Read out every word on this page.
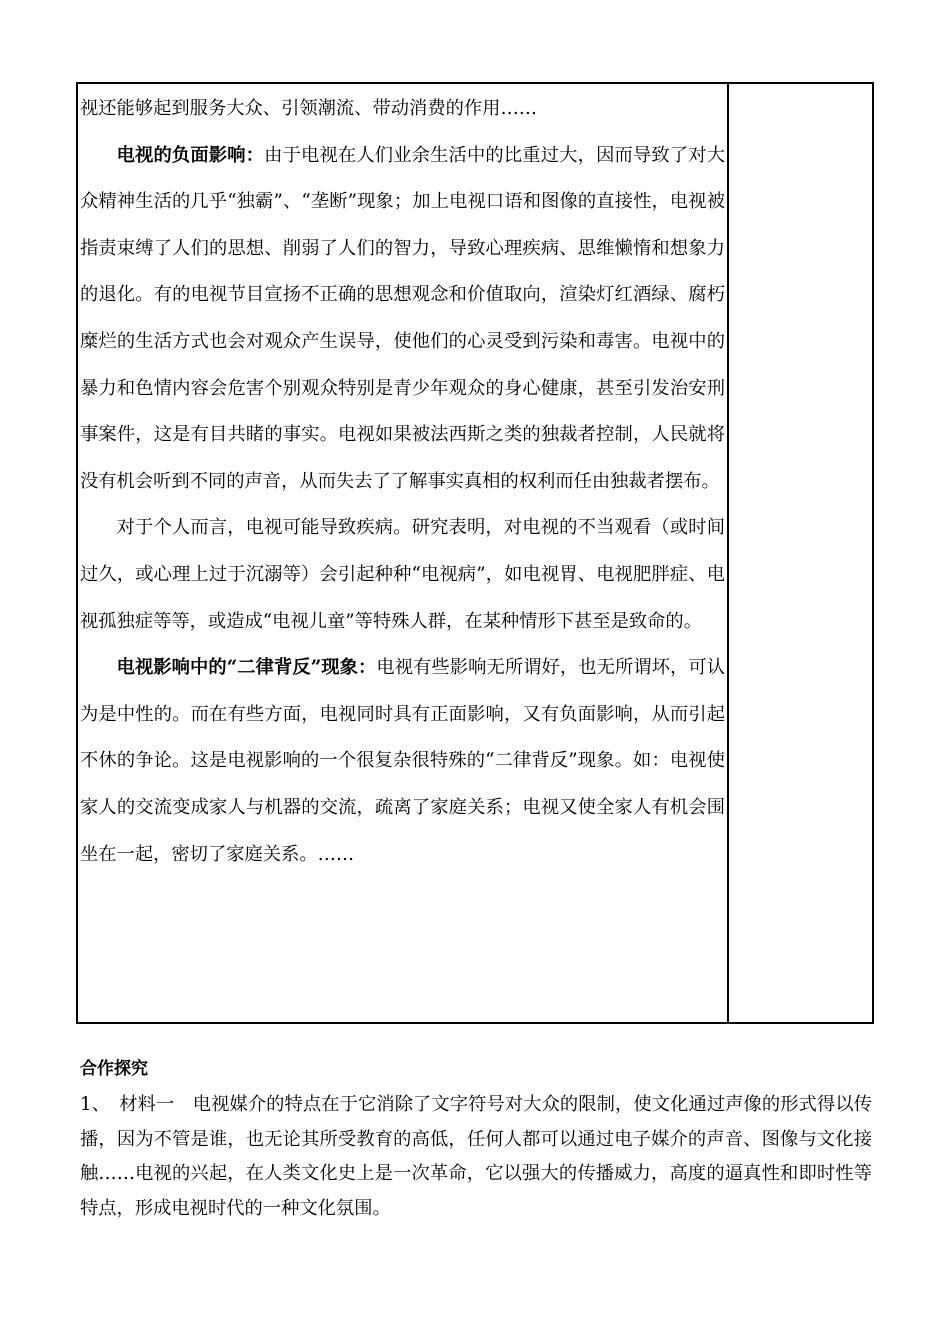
视还能够起到服务大众、引领潮流、带动消费的作用……

电视的负面影响：由于电视在人们业余生活中的比重过大，因而导致了对大众精神生活的几乎“独霸”、“垄断”现象；加上电视口语和图像的直接性，电视被指责束缚了人们的思想、削弱了人们的智力，导致心理疾病、思维懒惰和想象力的退化。有的电视节目宣扬不正确的思想观念和价值取向，渲染灯红酒绿、腐朽糜烂的生活方式也会对观众产生误导，使他们的心灵受到污染和毒害。电视中的暴力和色情内容会危害个别观众特别是青少年观众的身心健康，甚至引发治安刑事案件，这是有目共睹的事实。电视如果被法西斯之类的独裁者控制，人民就将没有机会听到不同的声音，从而失去了了解事实真相的权利而任由独裁者摆布。

对于个人而言，电视可能导致疾病。研究表明，对电视的不当观看（或时间过久，或心理上过于沉溺等）会引起种种“电视病”，如电视胃、电视肥胖症、电视孤独症等等，或造成“电视儿童”等特殊人群，在某种情形下甚至是致命的。

电视影响中的“二律背反”现象：电视有些影响无所谓好，也无所谓坏，可认为是中性的。而在有些方面，电视同时具有正面影响，又有负面影响，从而引起不休的争论。这是电视影响的一个很复杂很特殊的“二律背反”现象。如：电视使家人的交流变成家人与机器的交流，疏离了家庭关系；电视又使全家人有机会围坐在一起，密切了家庭关系。……

合作探究

1、　材料一　电视媒介的特点在于它消除了文字符号对大众的限制，使文化通过声像的形式得以传播，因为不管是谁，也无论其所受教育的高低，任何人都可以通过电子媒介的声音、图像与文化接触……电视的兴起，在人类文化史上是一次革命，它以强大的传播威力，高度的逼真性和即时性等特点，形成电视时代的一种文化氛围。
